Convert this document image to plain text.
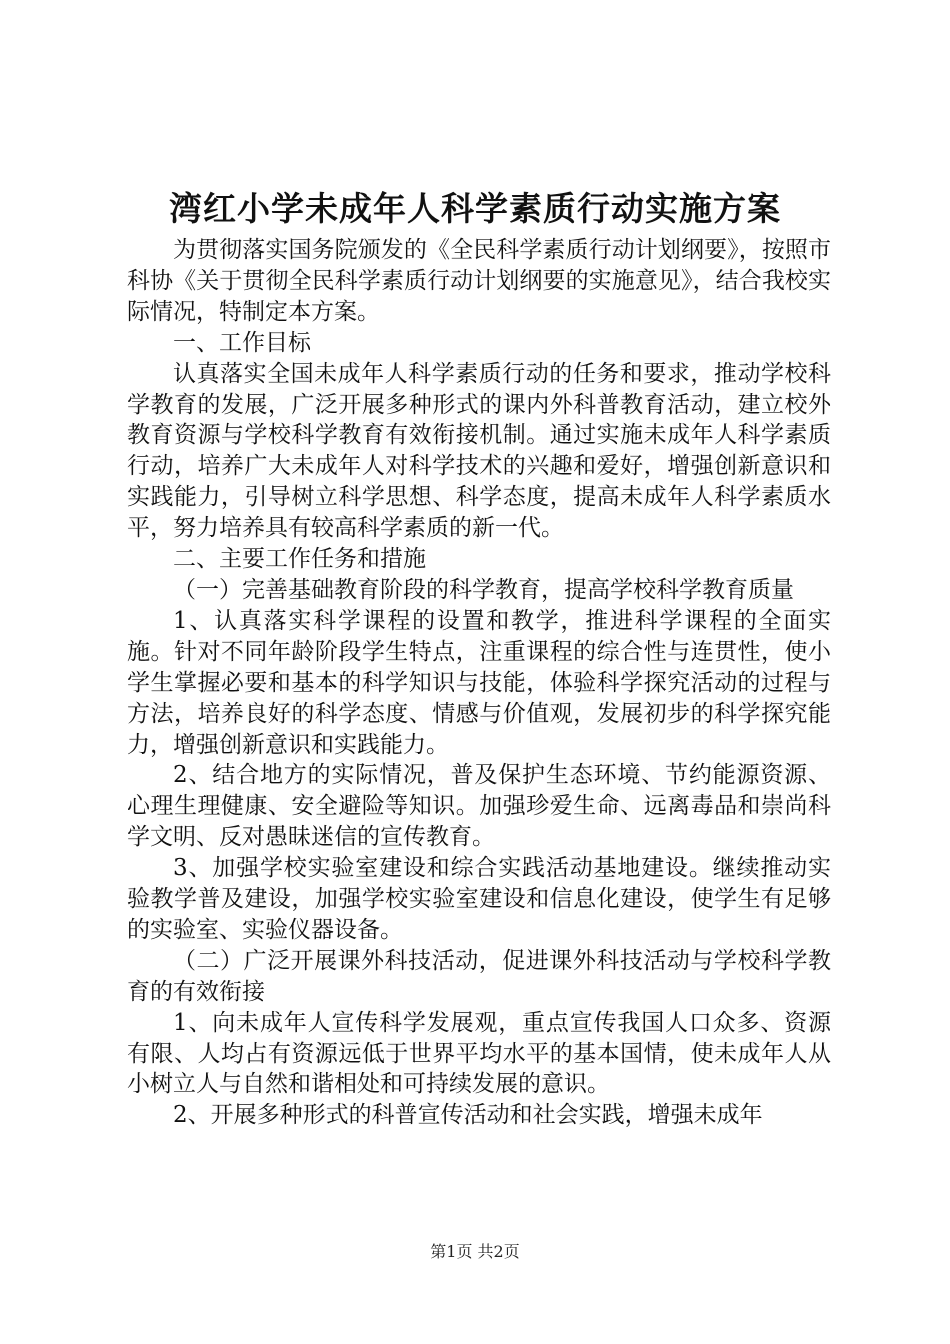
湾红小学未成年人科学素质行动实施方案

为贯彻落实国务院颁发的《全民科学素质行动计划纲要》，按照市科协《关于贯彻全民科学素质行动计划纲要的实施意见》，结合我校实际情况，特制定本方案。

一、工作目标

认真落实全国未成年人科学素质行动的任务和要求，推动学校科学教育的发展，广泛开展多种形式的课内外科普教育活动，建立校外教育资源与学校科学教育有效衔接机制。通过实施未成年人科学素质行动，培养广大未成年人对科学技术的兴趣和爱好，增强创新意识和实践能力，引导树立科学思想、科学态度，提高未成年人科学素质水平，努力培养具有较高科学素质的新一代。

二、主要工作任务和措施

（一）完善基础教育阶段的科学教育，提高学校科学教育质量

1、认真落实科学课程的设置和教学，推进科学课程的全面实施。针对不同年龄阶段学生特点，注重课程的综合性与连贯性，使小学生掌握必要和基本的科学知识与技能，体验科学探究活动的过程与方法，培养良好的科学态度、情感与价值观，发展初步的科学探究能力，增强创新意识和实践能力。

2、结合地方的实际情况，普及保护生态环境、节约能源资源、心理生理健康、安全避险等知识。加强珍爱生命、远离毒品和崇尚科学文明、反对愚昧迷信的宣传教育。

3、加强学校实验室建设和综合实践活动基地建设。继续推动实验教学普及建设，加强学校实验室建设和信息化建设，使学生有足够的实验室、实验仪器设备。

（二）广泛开展课外科技活动，促进课外科技活动与学校科学教育的有效衔接

1、向未成年人宣传科学发展观，重点宣传我国人口众多、资源有限、人均占有资源远低于世界平均水平的基本国情，使未成年人从小树立人与自然和谐相处和可持续发展的意识。

2、开展多种形式的科普宣传活动和社会实践，增强未成年

第1页 共2页
